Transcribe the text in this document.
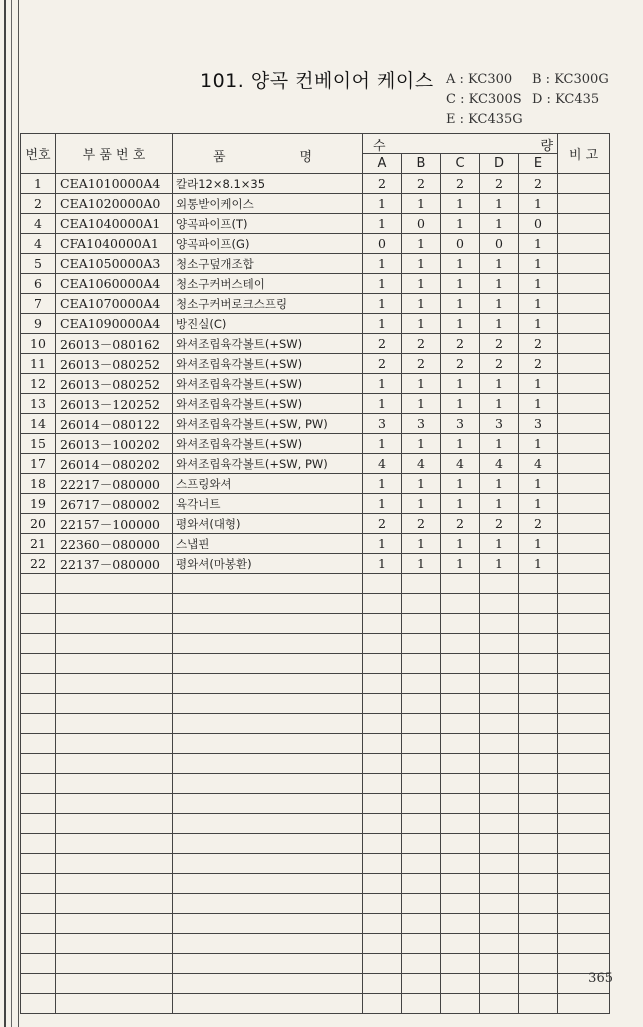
101. 양곡 컨베이어 케이스 A : KC300 B : KC300G
C : KC300S D : KC435
E : KC435G
번호	부 품 번 호	품 명	수 량					비 고
			A	B	C	D	E	
1	CEA1010000A4	칼라12×8.1×35	2	2	2	2	2	
2	CEA1020000A0	외통받이케이스	1	1	1	1	1	
4	CEA1040000A1	양곡파이프(T)	1	0	1	1	0	
4	CFA1040000A1	양곡파이프(G)	0	1	0	0	1	
5	CEA1050000A3	청소구덮개조합	1	1	1	1	1	
6	CEA1060000A4	청소구커버스테이	1	1	1	1	1	
7	CEA1070000A4	청소구커버로크스프링	1	1	1	1	1	
9	CEA1090000A4	방진실(C)	1	1	1	1	1	
10	26013－080162	와셔조립육각볼트(+SW)	2	2	2	2	2	
11	26013－080252	와셔조립육각볼트(+SW)	2	2	2	2	2	
12	26013－080252	와셔조립육각볼트(+SW)	1	1	1	1	1	
13	26013－120252	와셔조립육각볼트(+SW)	1	1	1	1	1	
14	26014－080122	와셔조립육각볼트(+SW, PW)	3	3	3	3	3	
15	26013－100202	와셔조립육각볼트(+SW)	1	1	1	1	1	
17	26014－080202	와셔조립육각볼트(+SW, PW)	4	4	4	4	4	
18	22217－080000	스프링와셔	1	1	1	1	1	
19	26717－080002	육각너트	1	1	1	1	1	
20	22157－100000	평와셔(대형)	2	2	2	2	2	
21	22360－080000	스냅핀	1	1	1	1	1	
22	22137－080000	평와셔(마봉환)	1	1	1	1	1	

365
